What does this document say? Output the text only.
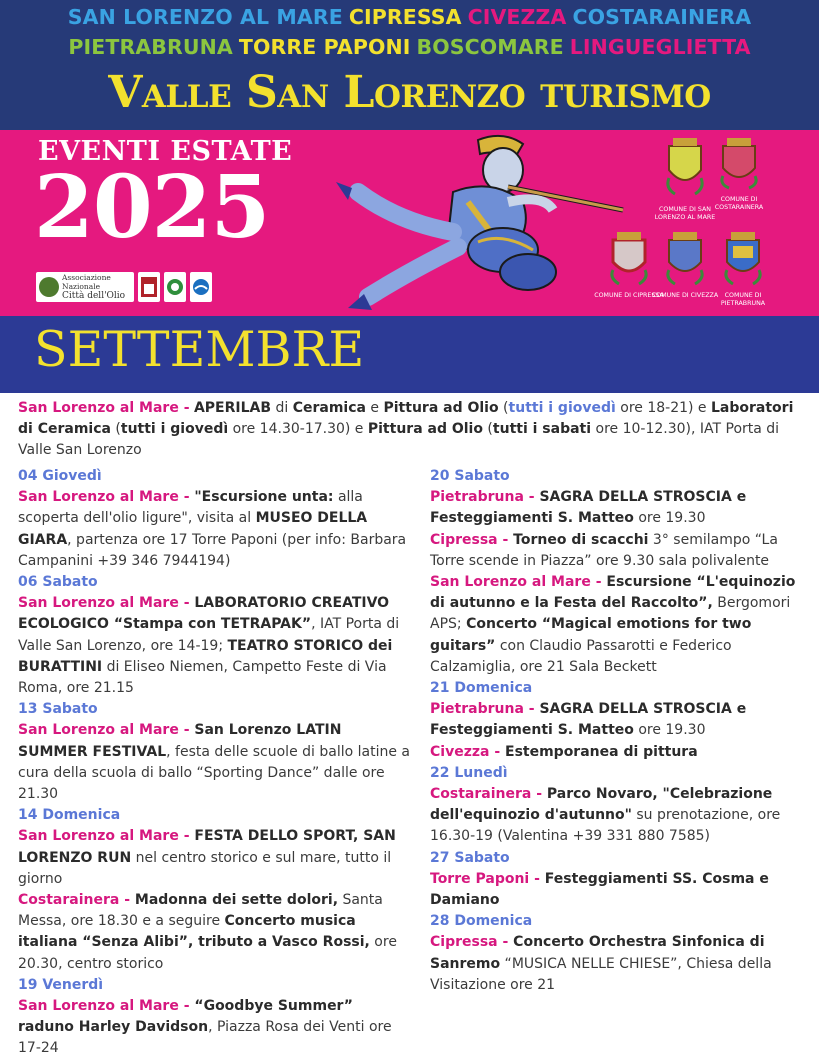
SAN LORENZO AL MARE CIPRESSA CIVEZZA COSTARAINERA
PIETRABRUNA TORRE PAPONI BOSCOMARE LINGUEGLIETTA
Valle San Lorenzo turismo
EVENTI ESTATE
2025
Associazione Nazionale
Città dell'Olio
COMUNE DI SAN LORENZO AL MARE
COMUNE DI COSTARAINERA
COMUNE DI CIPRESSA
COMUNE DI CIVEZZA	COMUNE DI PIETRABRUNA
SETTEMBRE
San Lorenzo al Mare - APERILAB di Ceramica e Pittura ad Olio (tutti i giovedì ore 18-21) e Laboratori di Ceramica (tutti i giovedì ore 14.30-17.30) e Pittura ad Olio (tutti i sabati ore 10-12.30), IAT Porta di Valle San Lorenzo
04 Giovedì

San Lorenzo al Mare - "Escursione unta: alla scoperta dell'olio ligure", visita al MUSEO DELLA GIARA, partenza ore 17 Torre Paponi (per info: Barbara Campanini +39 346 7944194)

06 Sabato

San Lorenzo al Mare - LABORATORIO CREATIVO ECOLOGICO “Stampa con TETRAPAK”, IAT Porta di Valle San Lorenzo, ore 14-19; TEATRO STORICO dei BURATTINI di Eliseo Niemen, Campetto Feste di Via Roma, ore 21.15

13 Sabato

San Lorenzo al Mare - San Lorenzo LATIN SUMMER FESTIVAL, festa delle scuole di ballo latine a cura della scuola di ballo “Sporting Dance” dalle ore 21.30

14 Domenica

San Lorenzo al Mare - FESTA DELLO SPORT, SAN LORENZO RUN nel centro storico e sul mare, tutto il giorno

Costarainera - Madonna dei sette dolori, Santa Messa, ore 18.30 e a seguire Concerto musica italiana “Senza Alibi”, tributo a Vasco Rossi, ore 20.30, centro storico

19 Venerdì

San Lorenzo al Mare - “Goodbye Summer” raduno Harley Davidson, Piazza Rosa dei Venti ore 17-24

20 Sabato

Pietrabruna - SAGRA DELLA STROSCIA e Festeggiamenti S. Matteo ore 19.30

Cipressa - Torneo di scacchi 3° semilampo “La Torre scende in Piazza” ore 9.30 sala polivalente

San Lorenzo al Mare - Escursione “L'equinozio di autunno e la Festa del Raccolto”, Bergomori APS; Concerto “Magical emotions for two guitars” con Claudio Passarotti e Federico Calzamiglia, ore 21 Sala Beckett

21 Domenica

Pietrabruna - SAGRA DELLA STROSCIA e Festeggiamenti S. Matteo ore 19.30

Civezza - Estemporanea di pittura

22 Lunedì

Costarainera - Parco Novaro, "Celebrazione dell'equinozio d'autunno" su prenotazione, ore 16.30-19 (Valentina +39 331 880 7585)

27 Sabato

Torre Paponi - Festeggiamenti SS. Cosma e Damiano

28 Domenica

Cipressa - Concerto Orchestra Sinfonica di Sanremo “MUSICA NELLE CHIESE”, Chiesa della Visitazione ore 21
